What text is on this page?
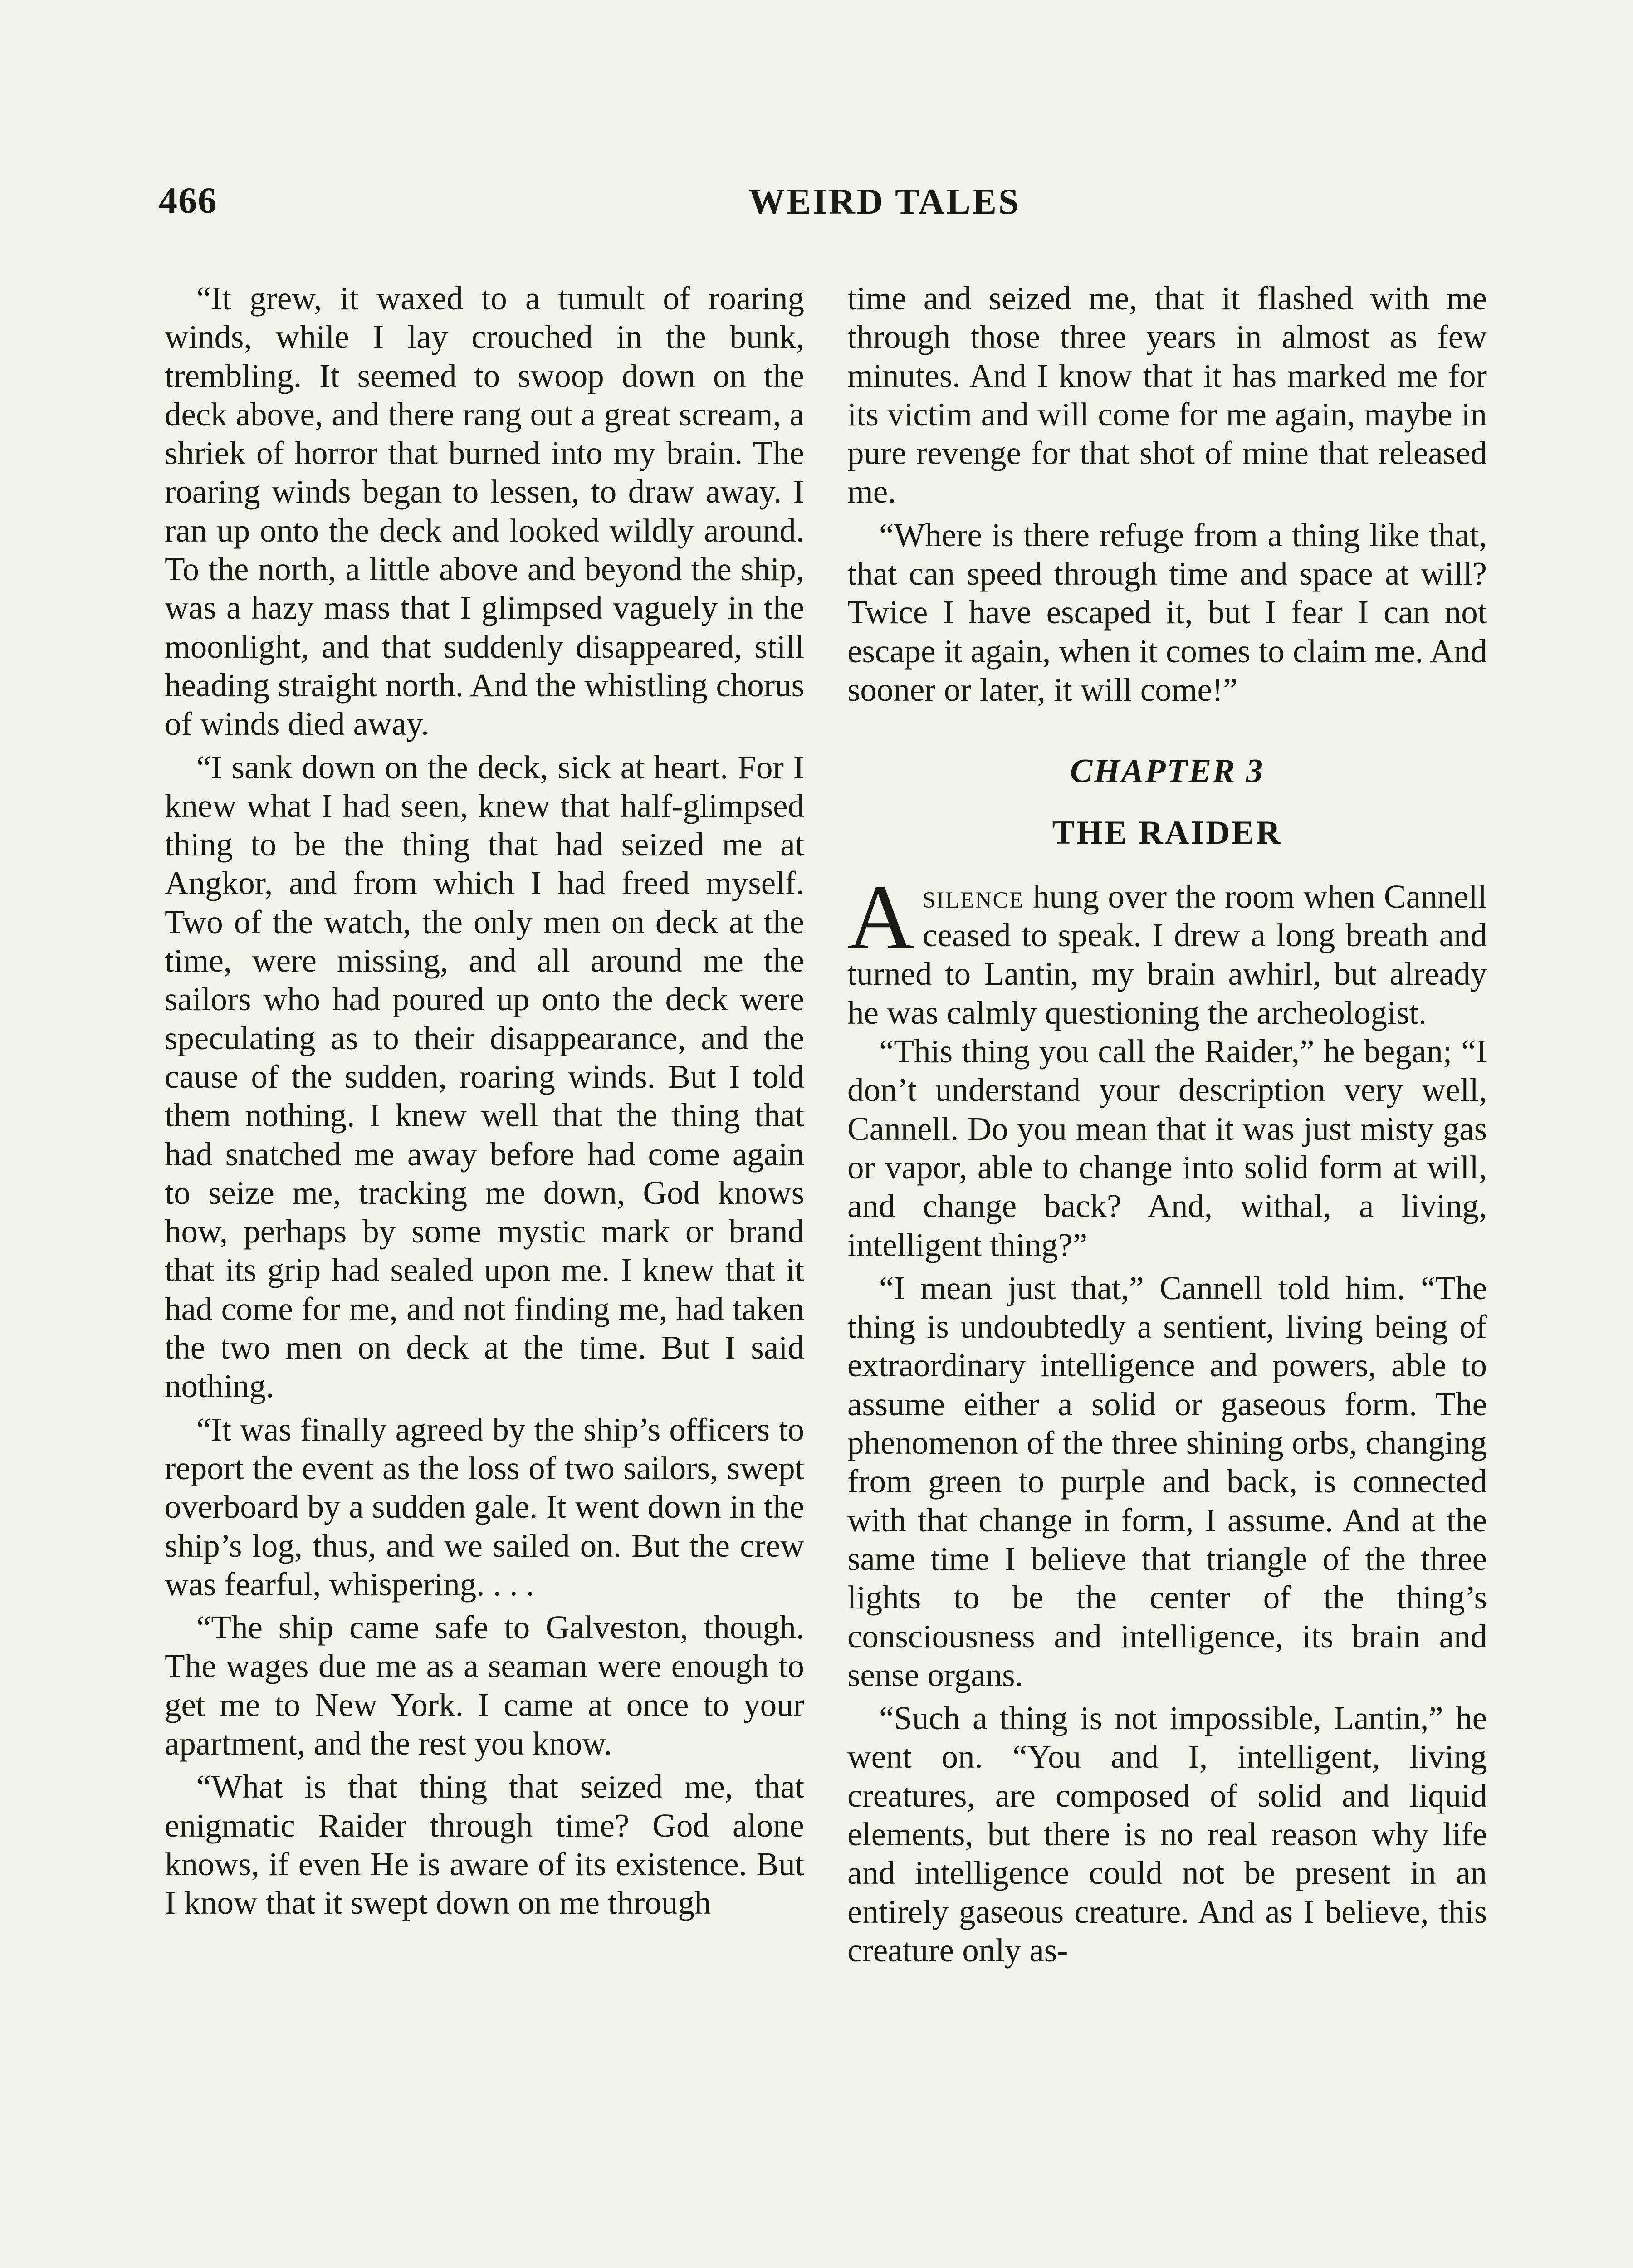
466	WEIRD TALES

“It grew, it waxed to a tumult of roaring winds, while I lay crouched in the bunk, trembling. It seemed to swoop down on the deck above, and there rang out a great scream, a shriek of horror that burned into my brain. The roaring winds began to lessen, to draw away. I ran up onto the deck and looked wildly around. To the north, a little above and beyond the ship, was a hazy mass that I glimpsed vaguely in the moonlight, and that suddenly disappeared, still heading straight north. And the whistling chorus of winds died away.

“I sank down on the deck, sick at heart. For I knew what I had seen, knew that half-glimpsed thing to be the thing that had seized me at Angkor, and from which I had freed myself. Two of the watch, the only men on deck at the time, were missing, and all around me the sailors who had poured up onto the deck were speculating as to their disappearance, and the cause of the sudden, roaring winds. But I told them nothing. I knew well that the thing that had snatched me away before had come again to seize me, tracking me down, God knows how, perhaps by some mystic mark or brand that its grip had sealed upon me. I knew that it had come for me, and not finding me, had taken the two men on deck at the time. But I said nothing.

“It was finally agreed by the ship’s officers to report the event as the loss of two sailors, swept overboard by a sudden gale. It went down in the ship’s log, thus, and we sailed on. But the crew was fearful, whispering. . . .

“The ship came safe to Galveston, though. The wages due me as a seaman were enough to get me to New York. I came at once to your apartment, and the rest you know.

“What is that thing that seized me, that enigmatic Raider through time? God alone knows, if even He is aware of its existence. But I know that it swept down on me through

time and seized me, that it flashed with me through those three years in almost as few minutes. And I know that it has marked me for its victim and will come for me again, maybe in pure revenge for that shot of mine that released me.

“Where is there refuge from a thing like that, that can speed through time and space at will? Twice I have escaped it, but I fear I can not escape it again, when it comes to claim me. And sooner or later, it will come!”

CHAPTER 3
THE RAIDER

Asilence hung over the room when Cannell ceased to speak. I drew a long breath and turned to Lantin, my brain awhirl, but already he was calmly questioning the archeologist.

“This thing you call the Raider,” he began; “I don’t understand your description very well, Cannell. Do you mean that it was just misty gas or vapor, able to change into solid form at will, and change back? And, withal, a living, intelligent thing?”

“I mean just that,” Cannell told him. “The thing is undoubtedly a sentient, living being of extraordinary intelligence and powers, able to assume either a solid or gaseous form. The phenomenon of the three shining orbs, changing from green to purple and back, is connected with that change in form, I assume. And at the same time I believe that triangle of the three lights to be the center of the thing’s consciousness and intelligence, its brain and sense organs.

“Such a thing is not impossible, Lantin,” he went on. “You and I, intelligent, living creatures, are composed of solid and liquid elements, but there is no real reason why life and intelligence could not be present in an entirely gaseous creature. And as I believe, this creature only as-
